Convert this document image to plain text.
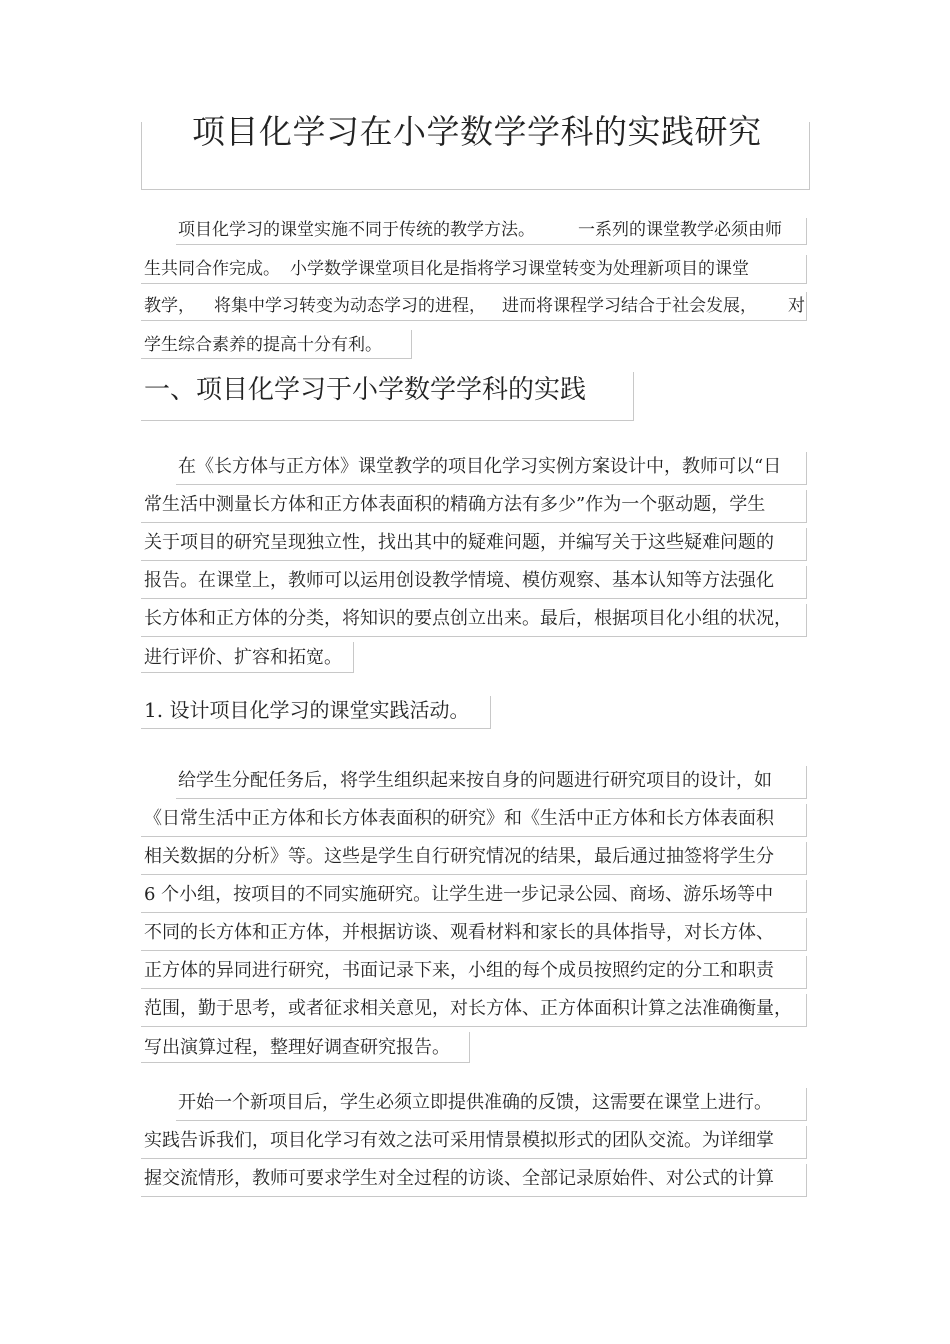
项目化学习在小学数学学科的实践研究
项目化学习的课堂实施不同于传统的教学方法。	一系列的课堂教学必须由师
生共同合作完成。 小学数学课堂项目化是指将学习课堂转变为处理新项目的课堂
教学， 将集中学习转变为动态学习的进程， 进而将课程学习结合于社会发展， 对
学生综合素养的提高十分有利。
一、项目化学习于小学数学学科的实践
在《长方体与正方体》课堂教学的项目化学习实例方案设计中，教师可以“日
常生活中测量长方体和正方体表面积的精确方法有多少”作为一个驱动题，学生
关于项目的研究呈现独立性，找出其中的疑难问题，并编写关于这些疑难问题的
报告。在课堂上，教师可以运用创设教学情境、模仿观察、基本认知等方法强化
长方体和正方体的分类，将知识的要点创立出来。最后，根据项目化小组的状况，
进行评价、扩容和拓宽。
1. 设计项目化学习的课堂实践活动。
给学生分配任务后，将学生组织起来按自身的问题进行研究项目的设计，如
《日常生活中正方体和长方体表面积的研究》和《生活中正方体和长方体表面积
相关数据的分析》等。这些是学生自行研究情况的结果，最后通过抽签将学生分
6 个小组，按项目的不同实施研究。让学生进一步记录公园、商场、游乐场等中
不同的长方体和正方体，并根据访谈、观看材料和家长的具体指导，对长方体、
正方体的异同进行研究，书面记录下来，小组的每个成员按照约定的分工和职责
范围，勤于思考，或者征求相关意见，对长方体、正方体面积计算之法准确衡量，
写出演算过程，整理好调查研究报告。
开始一个新项目后，学生必须立即提供准确的反馈，这需要在课堂上进行。
实践告诉我们，项目化学习有效之法可采用情景模拟形式的团队交流。为详细掌
握交流情形，教师可要求学生对全过程的访谈、全部记录原始件、对公式的计算
